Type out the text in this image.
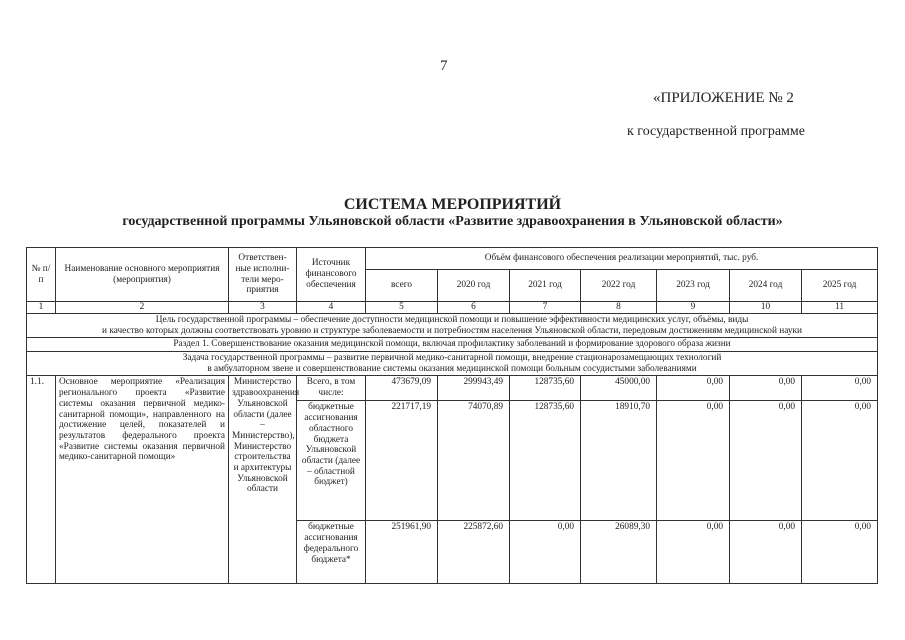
7
«ПРИЛОЖЕНИЕ № 2
к государственной программе
СИСТЕМА МЕРОПРИЯТИЙ
государственной программы Ульяновской области «Развитие здравоохранения в Ульяновской области»
№ п/п	Наименование основного мероприятия (мероприятия)	Ответствен-ные исполни-тели меро-приятия	Источник финансового обеспечения	Объём финансового обеспечения реализации мероприятий, тыс. руб.						
				всего	2020 год	2021 год	2022 год	2023 год	2024 год	2025 год
1	2	3	4	5	6	7	8	9	10	11

Цель государственной программы – обеспечение доступности медицинской помощи и повышение эффективности медицинских услуг, объёмы, виды
и качество которых должны соответствовать уровню и структуре заболеваемости и потребностям населения Ульяновской области, передовым достижениям медицинской науки										

Раздел 1. Совершенствование оказания медицинской помощи, включая профилактику заболеваний и формирование здорового образа жизни										

Задача государственной программы – развитие первичной медико-санитарной помощи, внедрение стационарозамещающих технологий
в амбулаторном звене и совершенствование системы оказания медицинской помощи больным сосудистыми заболеваниями										

1.1.	Основное мероприятие «Реализация регионального проекта «Развитие системы оказания первичной медико-санитарной помощи», направленного на достижение целей, показателей и результатов федерального проекта «Развитие системы оказания первичной медико-санитарной помощи»	Министерство здравоохранения Ульяновской области (далее – Министерство), Министерство строительства и архитектуры Ульяновской области	Всего, в том числе:	473679,09	299943,49	128735,60	45000,00	0,00	0,00	0,00
			бюджетные ассигнования областного бюджета Ульяновской области (далее – областной бюджет)	221717,19	74070,89	128735,60	18910,70	0,00	0,00	0,00
			бюджетные ассигнования федерального бюджета*	251961,90	225872,60	0,00	26089,30	0,00	0,00	0,00
